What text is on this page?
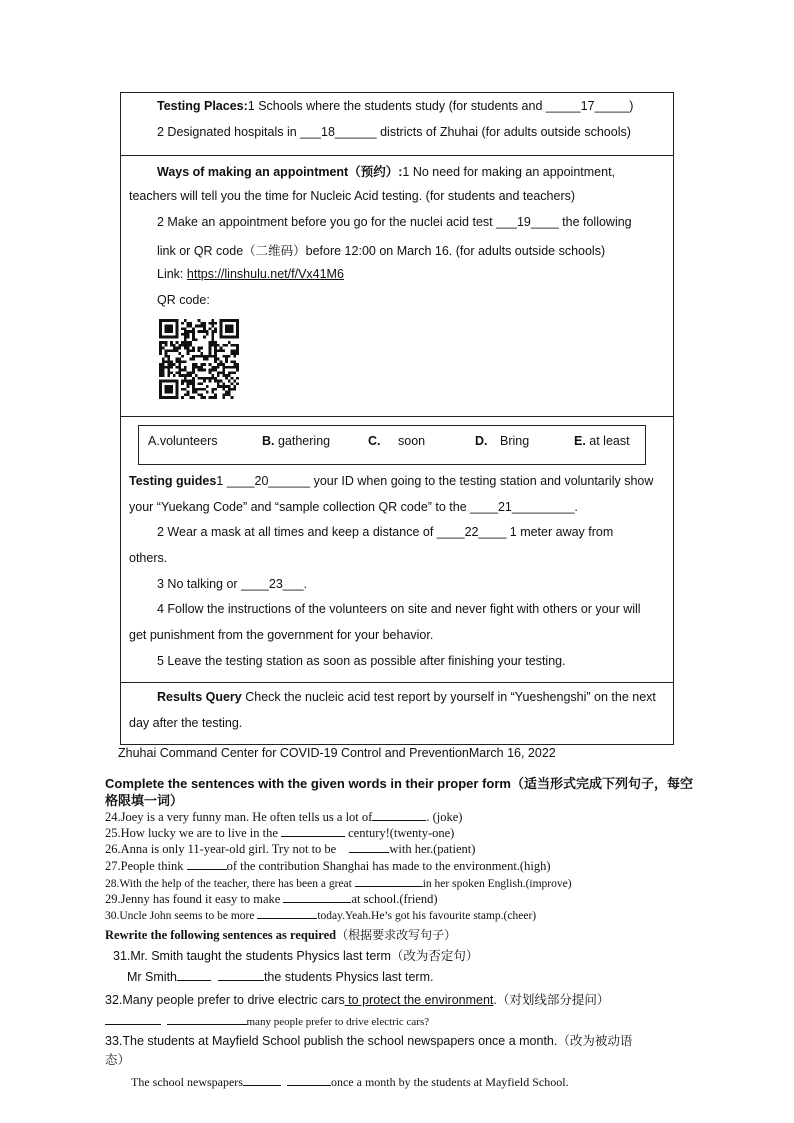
Testing Places:1 Schools where the students study (for students and _____17_____)
2 Designated hospitals in ___18______ districts of Zhuhai (for adults outside schools)
Ways of making an appointment（预约）:1 No need for making an appointment,
teachers will tell you the time for Nucleic Acid testing. (for students and teachers)
2 Make an appointment before you go for the nuclei acid test ___19____ the following
link or QR code（二维码）before 12:00 on March 16. (for adults outside schools)
Link: https://linshulu.net/f/Vx41M6
QR code:
A.volunteers	B. gathering	C. soon	D. Bring	E. at least
Testing guides1 ____20______ your ID when going to the testing station and voluntarily show
your “Yuekang Code” and “sample collection QR code” to the ____21_________.
2 Wear a mask at all times and keep a distance of ____22____ 1 meter away from
others.
3 No talking or ____23___.
4 Follow the instructions of the volunteers on site and never fight with others or your will
get punishment from the government for your behavior.
5 Leave the testing station as soon as possible after finishing your testing.
Results Query Check the nucleic acid test report by yourself in “Yueshengshi” on the next
day after the testing.
Zhuhai Command Center for COVID-19 Control and PreventionMarch 16, 2022
Complete the sentences with the given words in their proper form（适当形式完成下列句子，每空
格限填一词）
24.Joey is a very funny man. He often tells us a lot of	. (joke)
25.How lucky we are to live in the	century!(twenty-one)
26.Anna is only 11-year-old girl. Try not to be	with her.(patient)
27.People think	of the contribution Shanghai has made to the environment.(high)
28.With the help of the teacher, there has been a great	in her spoken English.(improve)
29.Jenny has found it easy to make	at school.(friend)
30.Uncle John seems to be more	today.Yeah.He’s got his favourite stamp.(cheer)
Rewrite the following sentences as required（根据要求改写句子）
31.Mr. Smith taught the students Physics last term（改为否定句）
Mr Smith	the students Physics last term.
32.Many people prefer to drive electric cars to protect the environment.（对划线部分提问）
many people prefer to drive electric cars?
33.The students at Mayfield School publish the school newspapers once a month.（改为被动语
态）
The school newspapers	once a month by the students at Mayfield School.
